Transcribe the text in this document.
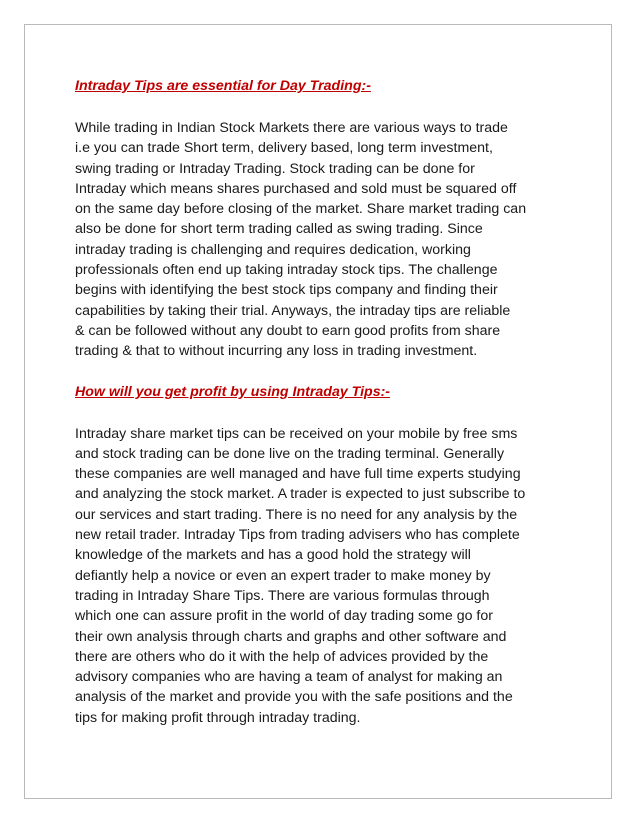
Intraday Tips are essential for Day Trading:-

While trading in Indian Stock Markets there are various ways to trade
i.e you can trade Short term, delivery based, long term investment,
swing trading or Intraday Trading. Stock trading can be done for
Intraday which means shares purchased and sold must be squared off
on the same day before closing of the market. Share market trading can
also be done for short term trading called as swing trading. Since
intraday trading is challenging and requires dedication, working
professionals often end up taking intraday stock tips. The challenge
begins with identifying the best stock tips company and finding their
capabilities by taking their trial. Anyways, the intraday tips are reliable
& can be followed without any doubt to earn good profits from share
trading & that to without incurring any loss in trading investment.

How will you get profit by using Intraday Tips:-

Intraday share market tips can be received on your mobile by free sms
and stock trading can be done live on the trading terminal. Generally
these companies are well managed and have full time experts studying
and analyzing the stock market. A trader is expected to just subscribe to
our services and start trading. There is no need for any analysis by the
new retail trader. Intraday Tips from trading advisers who has complete
knowledge of the markets and has a good hold the strategy will
defiantly help a novice or even an expert trader to make money by
trading in Intraday Share Tips. There are various formulas through
which one can assure profit in the world of day trading some go for
their own analysis through charts and graphs and other software and
there are others who do it with the help of advices provided by the
advisory companies who are having a team of analyst for making an
analysis of the market and provide you with the safe positions and the
tips for making profit through intraday trading.
